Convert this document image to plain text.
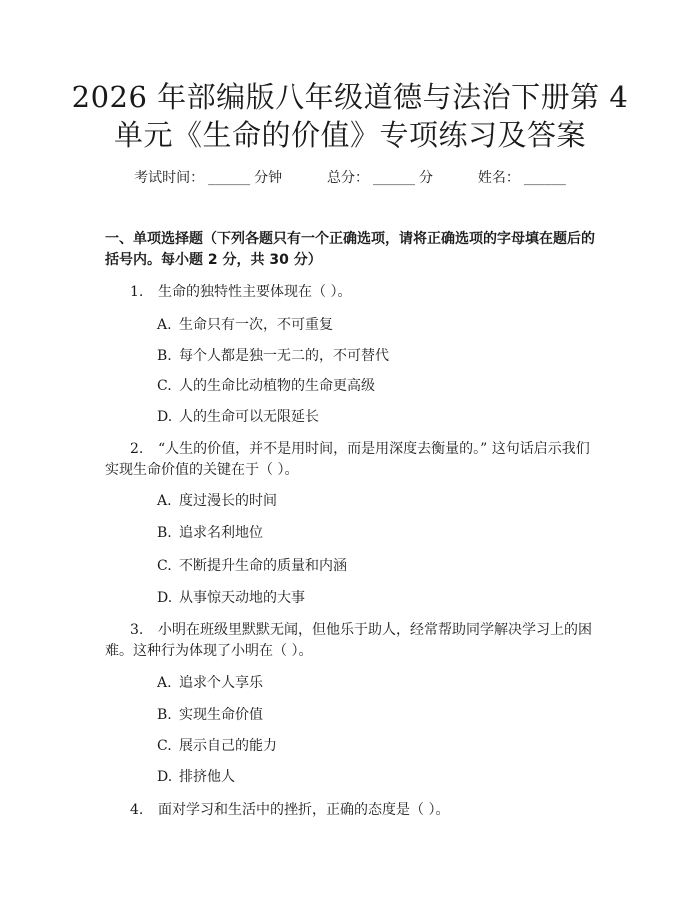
2026 年部编版八年级道德与法治下册第 4 单元《生命的价值》专项练习及答案
考试时间： ______ 分钟	总分： ______ 分	姓名： ______
一、单项选择题（下列各题只有一个正确选项，请将正确选项的字母填在题后的括号内。每小题 2 分，共 30 分）
1. 生命的独特性主要体现在（ ）。
A. 生命只有一次，不可重复
B. 每个人都是独一无二的，不可替代
C. 人的生命比动植物的生命更高级
D. 人的生命可以无限延长
2. “人生的价值，并不是用时间，而是用深度去衡量的。” 这句话启示我们实现生命价值的关键在于（ ）。
A. 度过漫长的时间
B. 追求名利地位
C. 不断提升生命的质量和内涵
D. 从事惊天动地的大事
3. 小明在班级里默默无闻，但他乐于助人，经常帮助同学解决学习上的困难。这种行为体现了小明在（ ）。
A. 追求个人享乐
B. 实现生命价值
C. 展示自己的能力
D. 排挤他人
4. 面对学习和生活中的挫折，正确的态度是（ ）。
